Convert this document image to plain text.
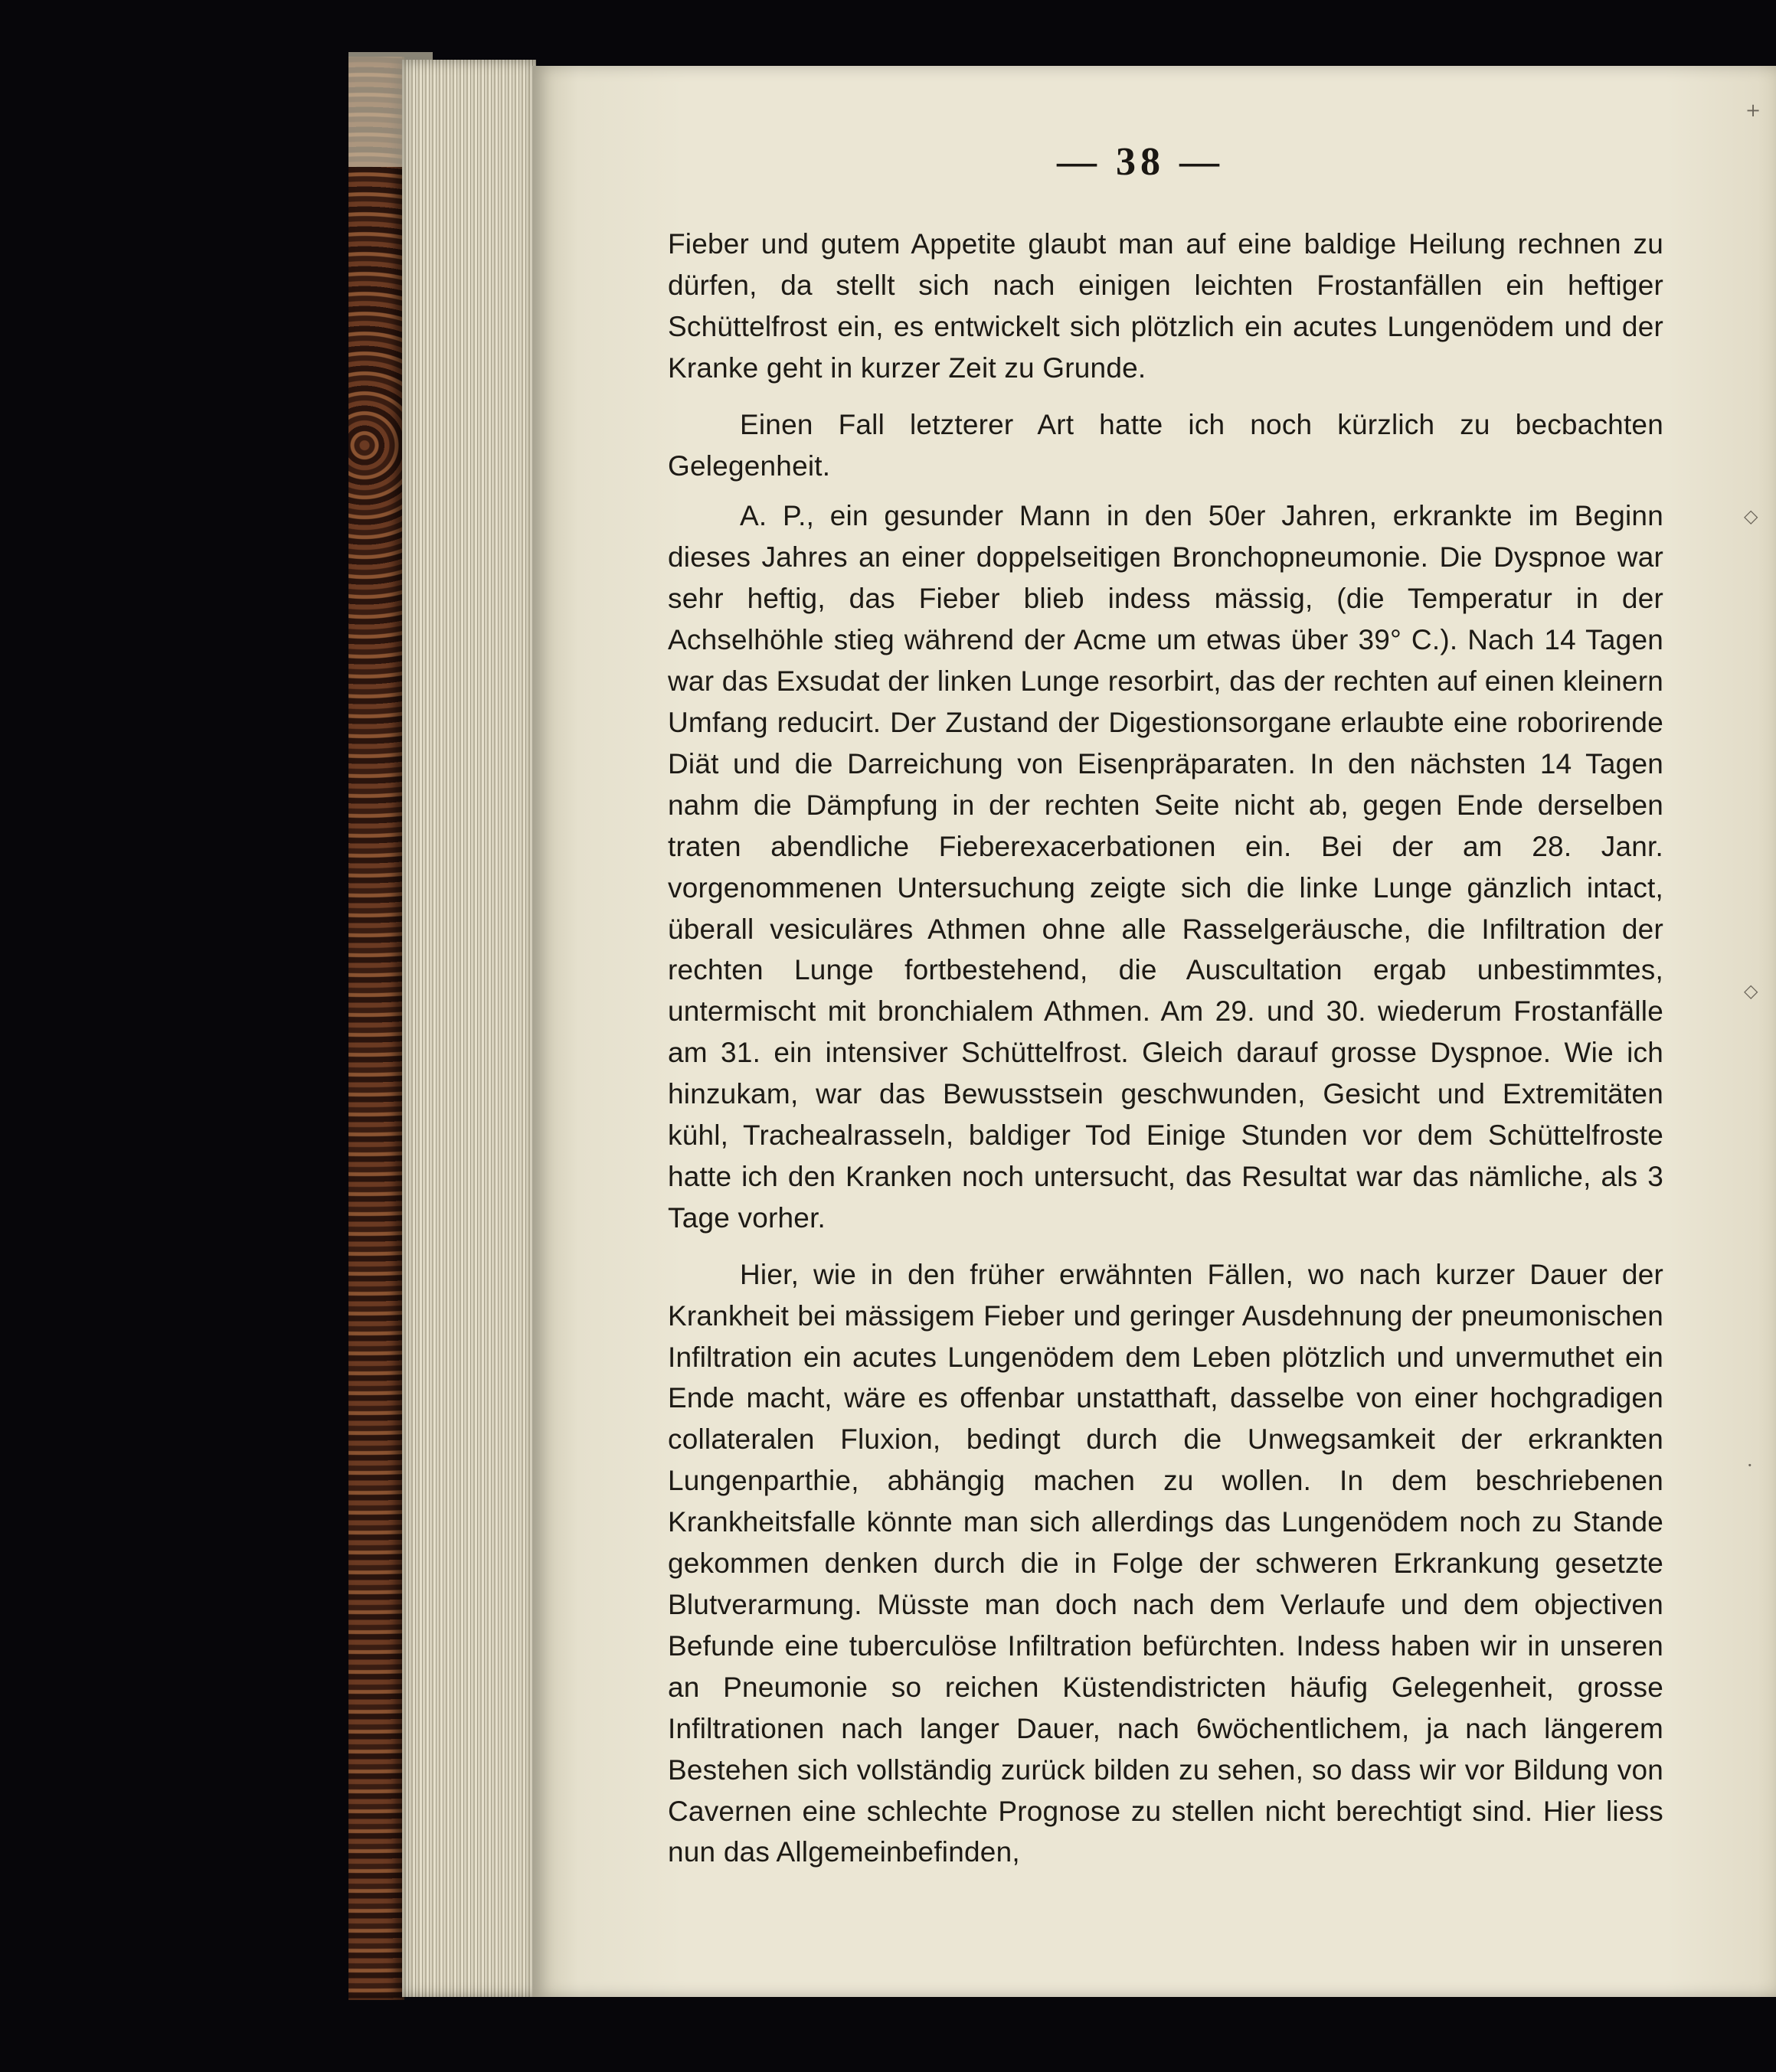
— 38 —

Fieber und gutem Appetite glaubt man auf eine baldige Heilung rechnen zu dürfen, da stellt sich nach einigen leichten Frostanfällen ein heftiger Schüttelfrost ein, es entwickelt sich plötzlich ein acutes Lungenödem und der Kranke geht in kurzer Zeit zu Grunde.

Einen Fall letzterer Art hatte ich noch kürzlich zu becbachten Gelegenheit.

A. P., ein gesunder Mann in den 50er Jahren, erkrankte im Beginn dieses Jahres an einer doppelseitigen Bronchopneumonie. Die Dyspnoe war sehr heftig, das Fieber blieb indess mässig, (die Temperatur in der Achselhöhle stieg während der Acme um etwas über 39° C.). Nach 14 Tagen war das Exsudat der linken Lunge resorbirt, das der rechten auf einen kleinern Umfang reducirt. Der Zustand der Digestionsorgane erlaubte eine roborirende Diät und die Darreichung von Eisenpräparaten. In den nächsten 14 Tagen nahm die Dämpfung in der rechten Seite nicht ab, gegen Ende derselben traten abendliche Fieberexacerbationen ein. Bei der am 28. Janr. vorgenommenen Untersuchung zeigte sich die linke Lunge gänzlich intact, überall vesiculäres Athmen ohne alle Rasselgeräusche, die Infiltration der rechten Lunge fortbestehend, die Auscultation ergab unbestimmtes, untermischt mit bronchialem Athmen. Am 29. und 30. wiederum Frostanfälle am 31. ein intensiver Schüttelfrost. Gleich darauf grosse Dyspnoe. Wie ich hinzukam, war das Bewusstsein geschwunden, Gesicht und Extremitäten kühl, Trachealrasseln, baldiger Tod Einige Stunden vor dem Schüttelfroste hatte ich den Kranken noch untersucht, das Resultat war das nämliche, als 3 Tage vorher.

Hier, wie in den früher erwähnten Fällen, wo nach kurzer Dauer der Krankheit bei mässigem Fieber und geringer Ausdehnung der pneumonischen Infiltration ein acutes Lungenödem dem Leben plötzlich und unvermuthet ein Ende macht, wäre es offenbar unstatthaft, dasselbe von einer hochgradigen collateralen Fluxion, bedingt durch die Unwegsamkeit der erkrankten Lungenparthie, abhängig machen zu wollen. In dem beschriebenen Krankheitsfalle könnte man sich allerdings das Lungenödem noch zu Stande gekommen denken durch die in Folge der schweren Erkrankung gesetzte Blutverarmung. Müsste man doch nach dem Verlaufe und dem objectiven Befunde eine tuberculöse Infiltration befürchten. Indess haben wir in unseren an Pneumonie so reichen Küstendistricten häufig Gelegenheit, grosse Infiltrationen nach langer Dauer, nach 6wöchentlichem, ja nach längerem Bestehen sich vollständig zurück bilden zu sehen, so dass wir vor Bildung von Cavernen eine schlechte Prognose zu stellen nicht berechtigt sind. Hier liess nun das Allgemeinbefinden,

+
◇
◇
·
